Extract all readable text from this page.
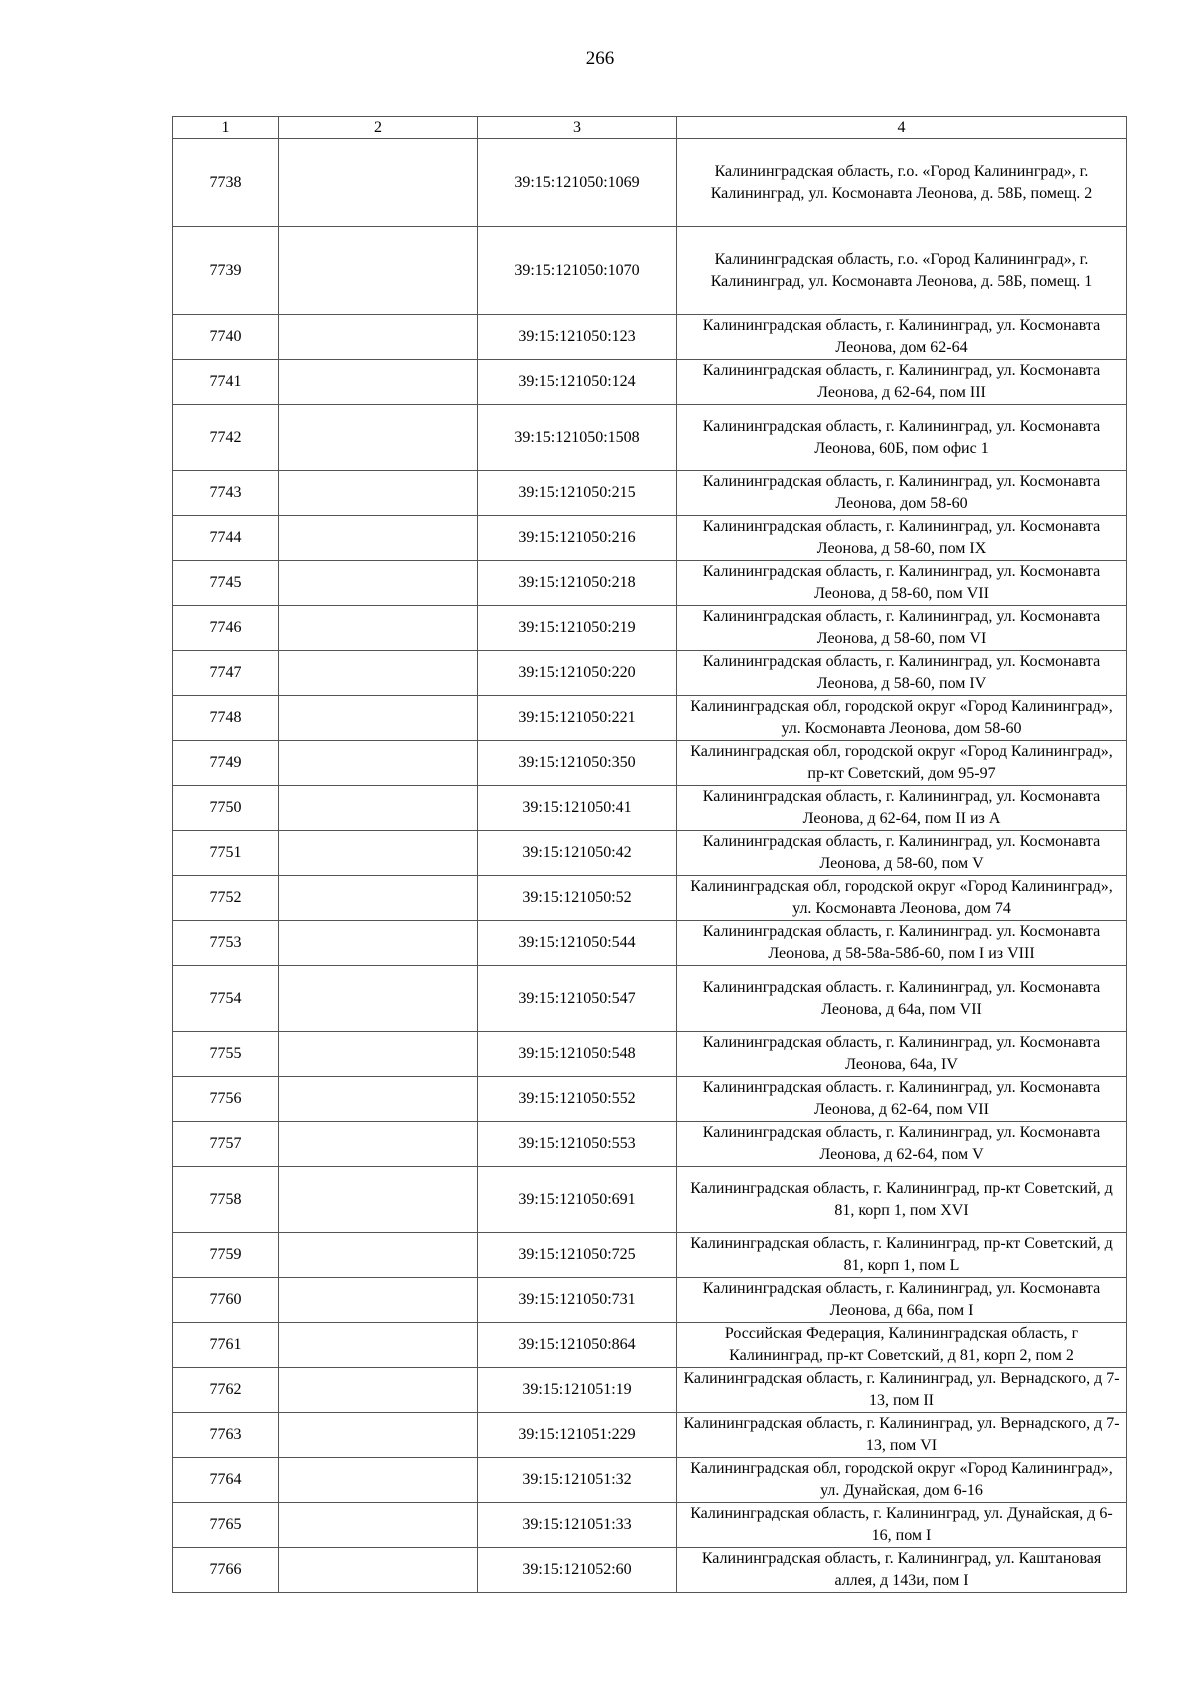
266
1	2	3	4
7738		39:15:121050:1069	Калининградская область, г.о. «Город Калининград», г. Калининград, ул. Космонавта Леонова, д. 58Б, помещ. 2
7739		39:15:121050:1070	Калининградская область, г.о. «Город Калининград», г. Калининград, ул. Космонавта Леонова, д. 58Б, помещ. 1
7740		39:15:121050:123	Калининградская область, г. Калининград, ул. Космонавта Леонова, дом 62-64
7741		39:15:121050:124	Калининградская область, г. Калининград, ул. Космонавта Леонова, д 62-64, пом III
7742		39:15:121050:1508	Калининградская область, г. Калининград, ул. Космонавта Леонова, 60Б, пом офис 1
7743		39:15:121050:215	Калининградская область, г. Калининград, ул. Космонавта Леонова, дом 58-60
7744		39:15:121050:216	Калининградская область, г. Калининград, ул. Космонавта Леонова, д 58-60, пом IX
7745		39:15:121050:218	Калининградская область, г. Калининград, ул. Космонавта Леонова, д 58-60, пом VII
7746		39:15:121050:219	Калининградская область, г. Калининград, ул. Космонавта Леонова, д 58-60, пом VI
7747		39:15:121050:220	Калининградская область, г. Калининград, ул. Космонавта Леонова, д 58-60, пом IV
7748		39:15:121050:221	Калининградская обл, городской округ «Город Калининград», ул. Космонавта Леонова, дом 58-60
7749		39:15:121050:350	Калининградская обл, городской округ «Город Калининград», пр-кт Советский, дом 95-97
7750		39:15:121050:41	Калининградская область, г. Калининград, ул. Космонавта Леонова, д 62-64, пом II из А
7751		39:15:121050:42	Калининградская область, г. Калининград, ул. Космонавта Леонова, д 58-60, пом V
7752		39:15:121050:52	Калининградская обл, городской округ «Город Калининград», ул. Космонавта Леонова, дом 74
7753		39:15:121050:544	Калининградская область, г. Калининград. ул. Космонавта Леонова, д 58-58а-58б-60, пом I из VIII
7754		39:15:121050:547	Калининградская область. г. Калининград, ул. Космонавта Леонова, д 64а, пом VII
7755		39:15:121050:548	Калининградская область, г. Калининград, ул. Космонавта Леонова, 64а, IV
7756		39:15:121050:552	Калининградская область. г. Калининград, ул. Космонавта Леонова, д 62-64, пом VII
7757		39:15:121050:553	Калининградская область, г. Калининград, ул. Космонавта Леонова, д 62-64, пом V
7758		39:15:121050:691	Калининградская область, г. Калининград, пр-кт Советский, д 81, корп 1, пом XVI
7759		39:15:121050:725	Калининградская область, г. Калининград, пр-кт Советский, д 81, корп 1, пом L
7760		39:15:121050:731	Калининградская область, г. Калининград, ул. Космонавта Леонова, д 66а, пом I
7761		39:15:121050:864	Российская Федерация, Калининградская область, г Калининград, пр-кт Советский, д 81, корп 2, пом 2
7762		39:15:121051:19	Калининградская область, г. Калининград, ул. Вернадского, д 7-13, пом II
7763		39:15:121051:229	Калининградская область, г. Калининград, ул. Вернадского, д 7-13, пом VI
7764		39:15:121051:32	Калининградская обл, городской округ «Город Калининград», ул. Дунайская, дом 6-16
7765		39:15:121051:33	Калининградская область, г. Калининград, ул. Дунайская, д 6-16, пом I
7766		39:15:121052:60	Калининградская область, г. Калининград, ул. Каштановая аллея, д 143и, пом I
